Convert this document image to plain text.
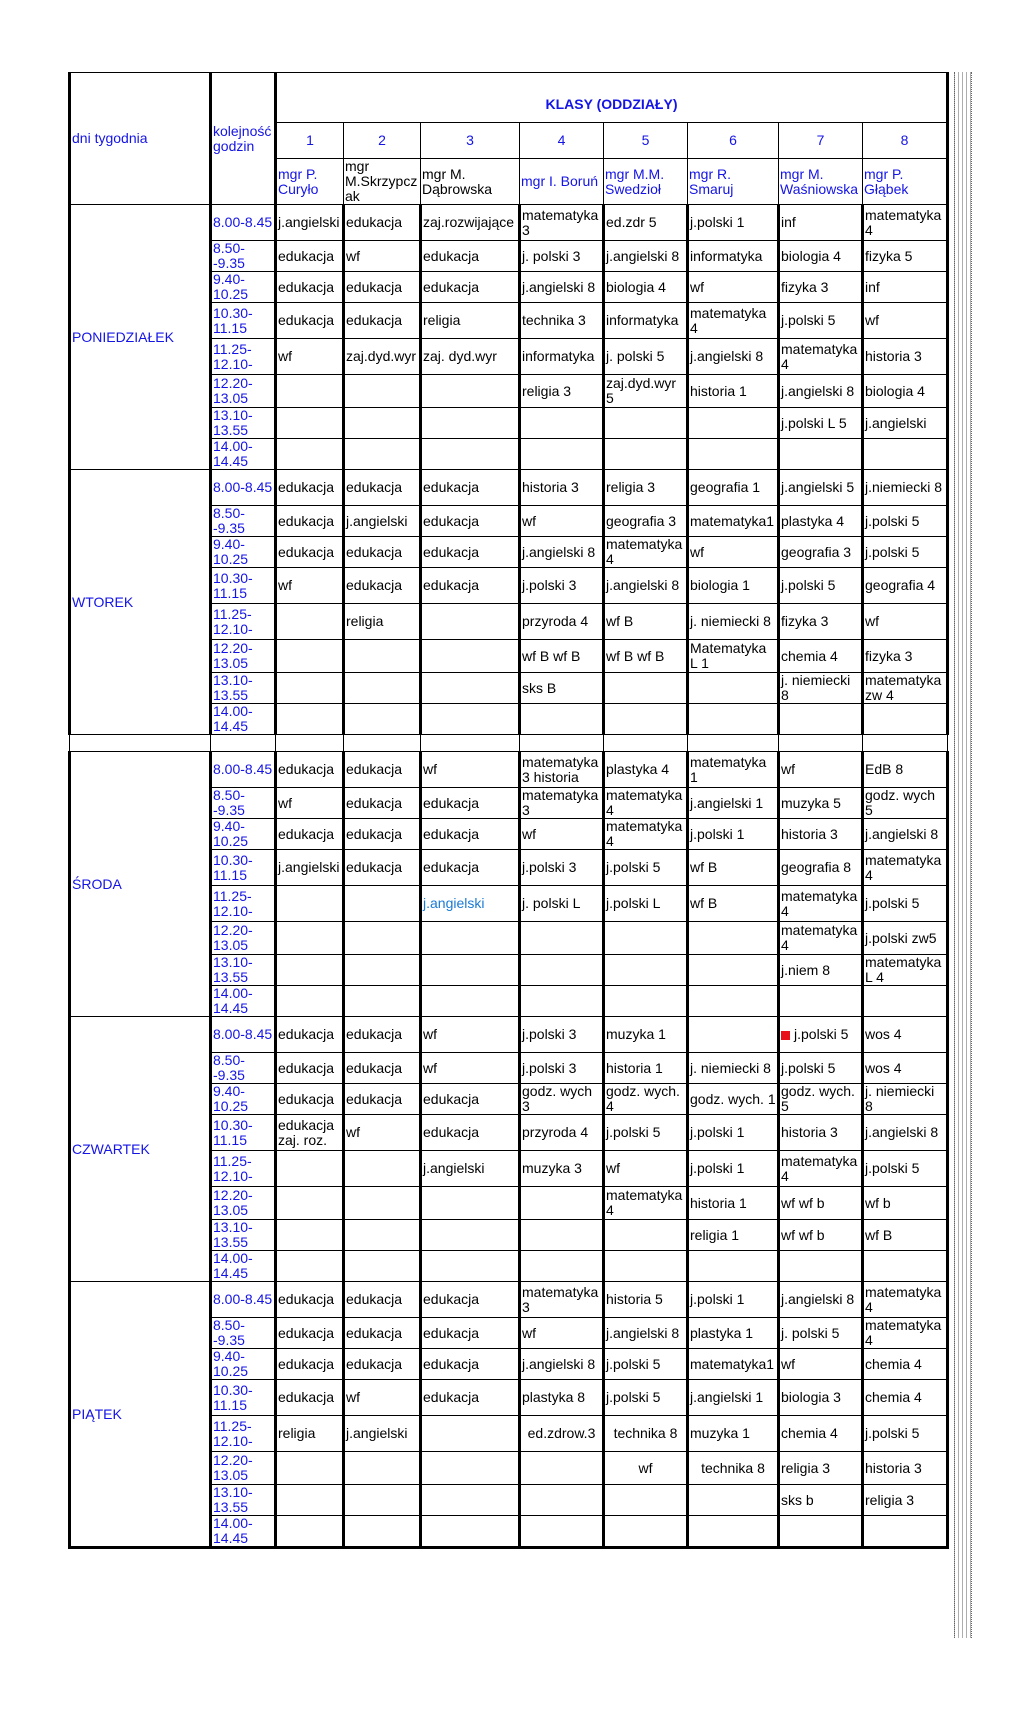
dni tygodnia	kolejność godzin	KLASY (ODDZIAŁY)							
		1	2	3	4	5	6	7	8
		mgr P. Curyło	mgr M.Skrzypczak	mgr M. Dąbrowska	mgr I. Boruń	mgr M.M. Swedzioł	mgr R. Smaruj	mgr M. Waśniowska	mgr P. Głąbek
PONIEDZIAŁEK	8.00-8.45	j.angielski	edukacja	zaj.rozwijające	matematyka 3	ed.zdr 5	j.polski 1	inf	matematyka 4
	8.50--9.35	edukacja	wf	edukacja	j. polski 3	j.angielski 8	informatyka	biologia 4	fizyka 5
	9.40-10.25	edukacja	edukacja	edukacja	j.angielski 8	biologia 4	wf	fizyka 3	inf
	10.30-11.15	edukacja	edukacja	religia	technika 3	informatyka	matematyka 4	j.polski 5	wf
	11.25-12.10-	wf	zaj.dyd.wyr	zaj. dyd.wyr	informatyka	j. polski 5	j.angielski 8	matematyka 4	historia 3
	12.20-13.05				religia 3	zaj.dyd.wyr 5	historia 1	j.angielski 8	biologia 4
	13.10-13.55							j.polski L 5	j.angielski
	14.00-14.45								
WTOREK	8.00-8.45	edukacja	edukacja	edukacja	historia 3	religia 3	geografia 1	j.angielski 5	j.niemiecki 8
	8.50--9.35	edukacja	j.angielski	edukacja	wf	geografia 3	matematyka1	plastyka 4	j.polski 5
	9.40-10.25	edukacja	edukacja	edukacja	j.angielski 8	matematyka 4	wf	geografia 3	j.polski 5
	10.30-11.15	wf	edukacja	edukacja	j.polski 3	j.angielski 8	biologia 1	j.polski 5	geografia 4
	11.25-12.10-		religia		przyroda 4	wf B	j. niemiecki 8	fizyka 3	wf
	12.20-13.05				wf B wf B	wf B wf B	Matematyka L 1	chemia 4	fizyka 3
	13.10-13.55				sks B			j. niemiecki 8	matematyka zw 4
	14.00-14.45								

ŚRODA	8.00-8.45	edukacja	edukacja	wf	matematyka 3 historia	plastyka 4	matematyka 1	wf	EdB 8
	8.50--9.35	wf	edukacja	edukacja	matematyka 3	matematyka 4	j.angielski 1	muzyka 5	godz. wych 5
	9.40-10.25	edukacja	edukacja	edukacja	wf	matematyka 4	j.polski 1	historia 3	j.angielski 8
	10.30-11.15	j.angielski	edukacja	edukacja	j.polski 3	j.polski 5	wf B	geografia 8	matematyka 4
	11.25-12.10-			j.angielski	j. polski L	j.polski L	wf B	matematyka 4	j.polski 5
	12.20-13.05							matematyka 4	j.polski zw5
	13.10-13.55							j.niem 8	matematyka L 4
	14.00-14.45								
CZWARTEK	8.00-8.45	edukacja	edukacja	wf	j.polski 3	muzyka 1		j.polski 5	wos 4
	8.50--9.35	edukacja	edukacja	wf	j.polski 3	historia 1	j. niemiecki 8	j.polski 5	wos 4
	9.40-10.25	edukacja	edukacja	edukacja	godz. wych 3	godz. wych. 4	godz. wych. 1	godz. wych. 5	j. niemiecki 8
	10.30-11.15	edukacja zaj. roz.	wf	edukacja	przyroda 4	j.polski 5	j.polski 1	historia 3	j.angielski 8
	11.25-12.10-			j.angielski	muzyka 3	wf	j.polski 1	matematyka 4	j.polski 5
	12.20-13.05					matematyka 4	historia 1	wf wf b	wf b
	13.10-13.55						religia 1	wf wf b	wf B
	14.00-14.45								
PIĄTEK	8.00-8.45	edukacja	edukacja	edukacja	matematyka 3	historia 5	j.polski 1	j.angielski 8	matematyka 4
	8.50--9.35	edukacja	edukacja	edukacja	wf	j.angielski 8	plastyka 1	j. polski 5	matematyka 4
	9.40-10.25	edukacja	edukacja	edukacja	j.angielski 8	j.polski 5	matematyka1	wf	chemia 4
	10.30-11.15	edukacja	wf	edukacja	plastyka 8	j.polski 5	j.angielski 1	biologia 3	chemia 4
	11.25-12.10-	religia	j.angielski		ed.zdrow.3	technika 8	muzyka 1	chemia 4	j.polski 5
	12.20-13.05					wf	technika 8	religia 3	historia 3
	13.10-13.55							sks b	religia 3
	14.00-14.45								
